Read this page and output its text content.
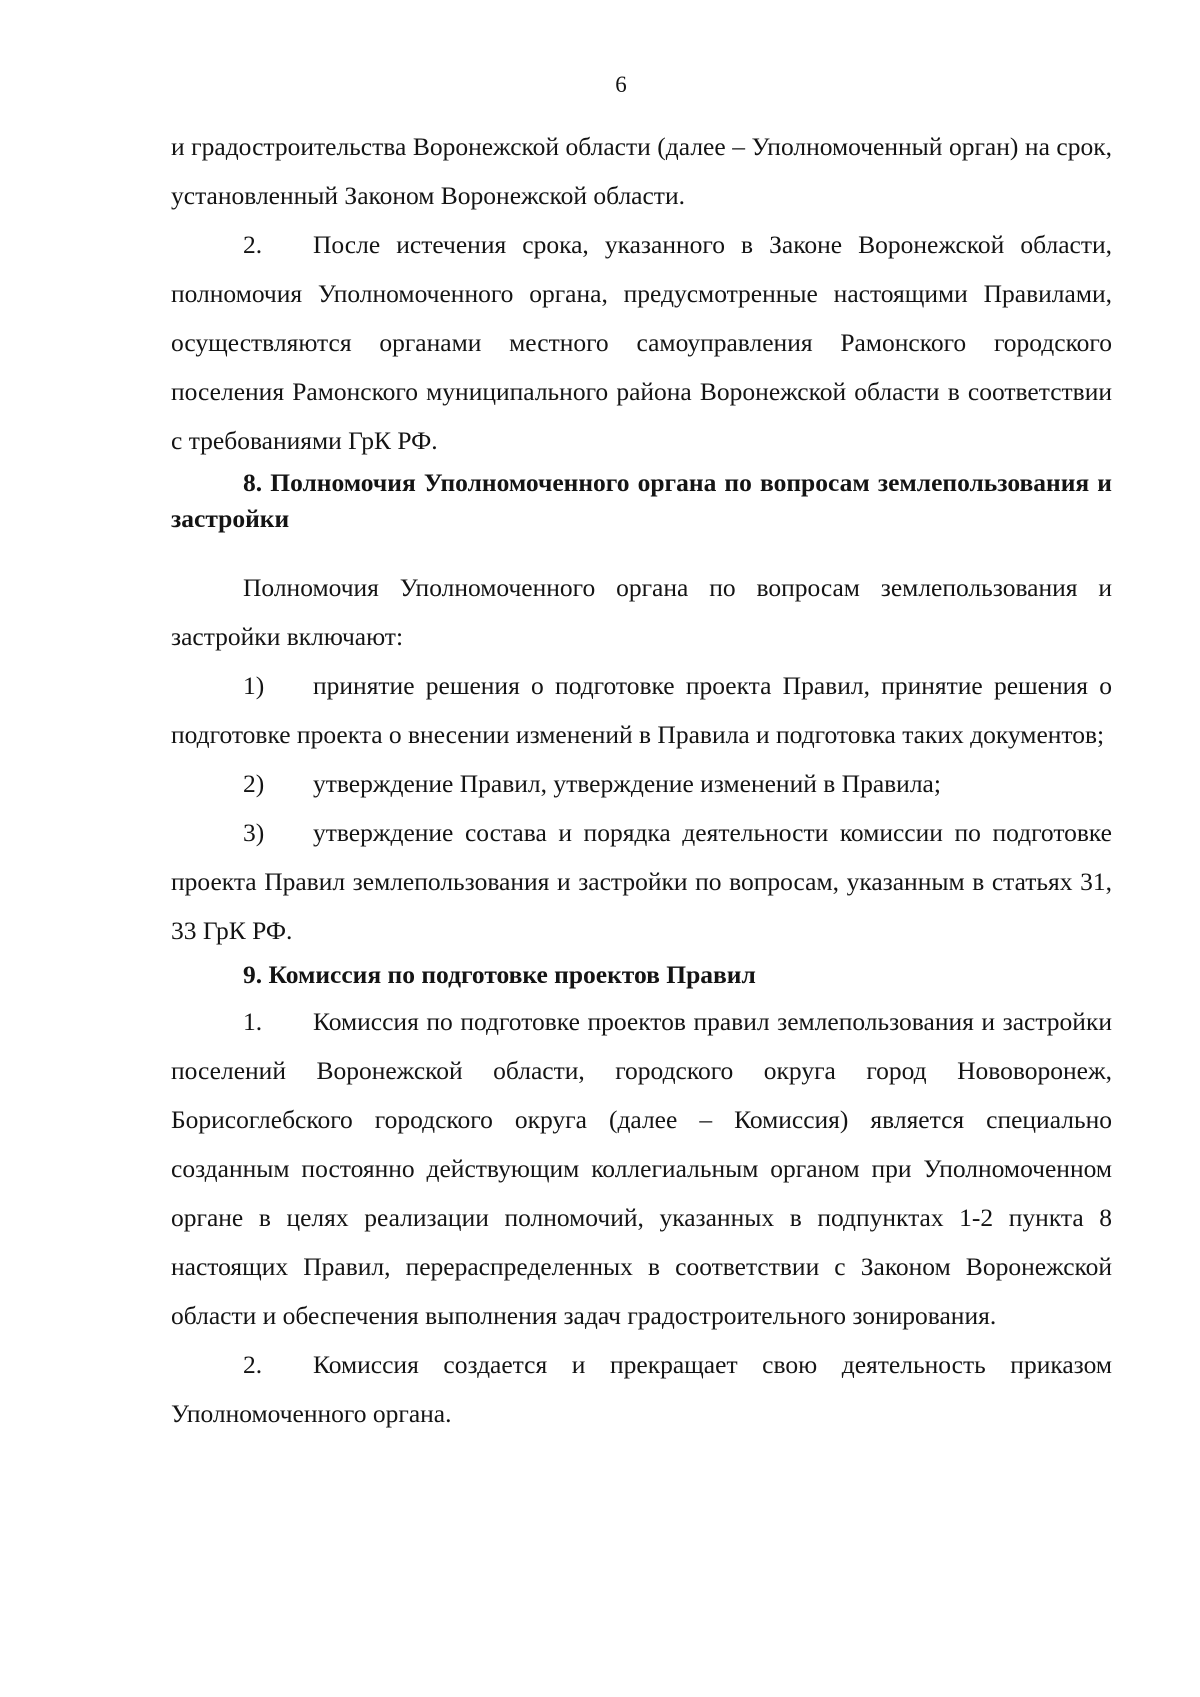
6

и градостроительства Воронежской области (далее – Уполномоченный орган) на срок, установленный Законом Воронежской области.

2. После истечения срока, указанного в Законе Воронежской области, полномочия Уполномоченного органа, предусмотренные настоящими Правилами, осуществляются органами местного самоуправления Рамонского городского поселения Рамонского муниципального района Воронежской области в соответствии с требованиями ГрК РФ.

8. Полномочия Уполномоченного органа по вопросам землепользования и застройки

Полномочия Уполномоченного органа по вопросам землепользования и застройки включают:

1) принятие решения о подготовке проекта Правил, принятие решения о подготовке проекта о внесении изменений в Правила и подготовка таких документов;

2) утверждение Правил, утверждение изменений в Правила;

3) утверждение состава и порядка деятельности комиссии по подготовке проекта Правил землепользования и застройки по вопросам, указанным в статьях 31, 33 ГрК РФ.

9. Комиссия по подготовке проектов Правил

1. Комиссия по подготовке проектов правил землепользования и застройки поселений Воронежской области, городского округа город Нововоронеж, Борисоглебского городского округа (далее – Комиссия) является специально созданным постоянно действующим коллегиальным органом при Уполномоченном органе в целях реализации полномочий, указанных в подпунктах 1-2 пункта 8 настоящих Правил, перераспределенных в соответствии с Законом Воронежской области и обеспечения выполнения задач градостроительного зонирования.

2. Комиссия создается и прекращает свою деятельность приказом Уполномоченного органа.
